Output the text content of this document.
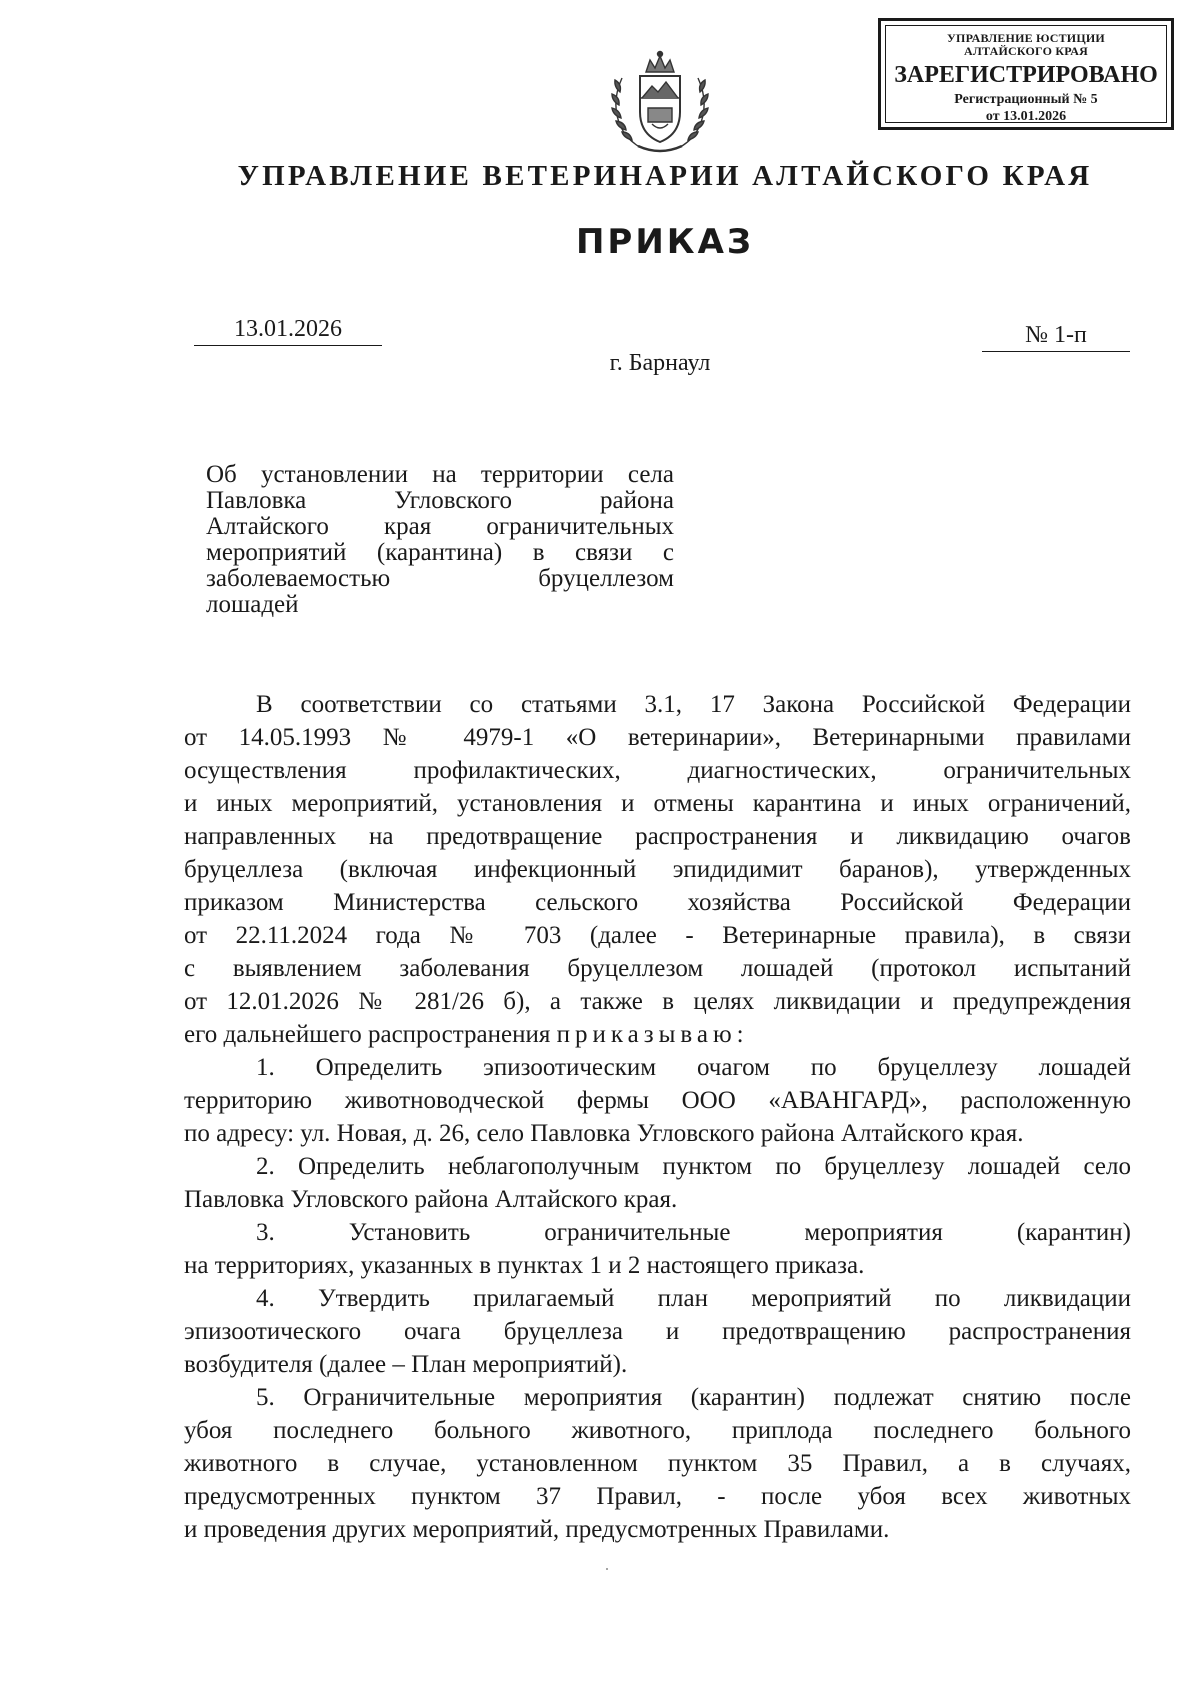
УПРАВЛЕНИЕ ЮСТИЦИИ
АЛТАЙСКОГО КРАЯ
ЗАРЕГИСТРИРОВАНО
Регистрационный № 5
от 13.01.2026
УПРАВЛЕНИЕ ВЕТЕРИНАРИИ АЛТАЙСКОГО КРАЯ
ПРИКАЗ
13.01.2026	№ 1-п
г. Барнаул
Об установлении на территории села
Павловка Угловского района
Алтайского края ограничительных
мероприятий (карантина) в связи с
заболеваемостью бруцеллезом
лошадей
В соответствии со статьями 3.1, 17 Закона Российской Федерации
от 14.05.1993 № 4979-1 «О ветеринарии», Ветеринарными правилами
осуществления профилактических, диагностических, ограничительных
и иных мероприятий, установления и отмены карантина и иных ограничений,
направленных на предотвращение распространения и ликвидацию очагов
бруцеллеза (включая инфекционный эпидидимит баранов), утвержденных
приказом Министерства сельского хозяйства Российской Федерации
от 22.11.2024 года № 703 (далее - Ветеринарные правила), в связи
с выявлением заболевания бруцеллезом лошадей (протокол испытаний
от 12.01.2026 № 281/26 б), а также в целях ликвидации и предупреждения
его дальнейшего распространения приказываю:
1. Определить эпизоотическим очагом по бруцеллезу лошадей
территорию животноводческой фермы ООО «АВАНГАРД», расположенную
по адресу: ул. Новая, д. 26, село Павловка Угловского района Алтайского края.
2. Определить неблагополучным пунктом по бруцеллезу лошадей село
Павловка Угловского района Алтайского края.
3. Установить ограничительные мероприятия (карантин)
на территориях, указанных в пунктах 1 и 2 настоящего приказа.
4. Утвердить прилагаемый план мероприятий по ликвидации
эпизоотического очага бруцеллеза и предотвращению распространения
возбудителя (далее – План мероприятий).
5. Ограничительные мероприятия (карантин) подлежат снятию после
убоя последнего больного животного, приплода последнего больного
животного в случае, установленном пунктом 35 Правил, а в случаях,
предусмотренных пунктом 37 Правил, - после убоя всех животных
и проведения других мероприятий, предусмотренных Правилами.
